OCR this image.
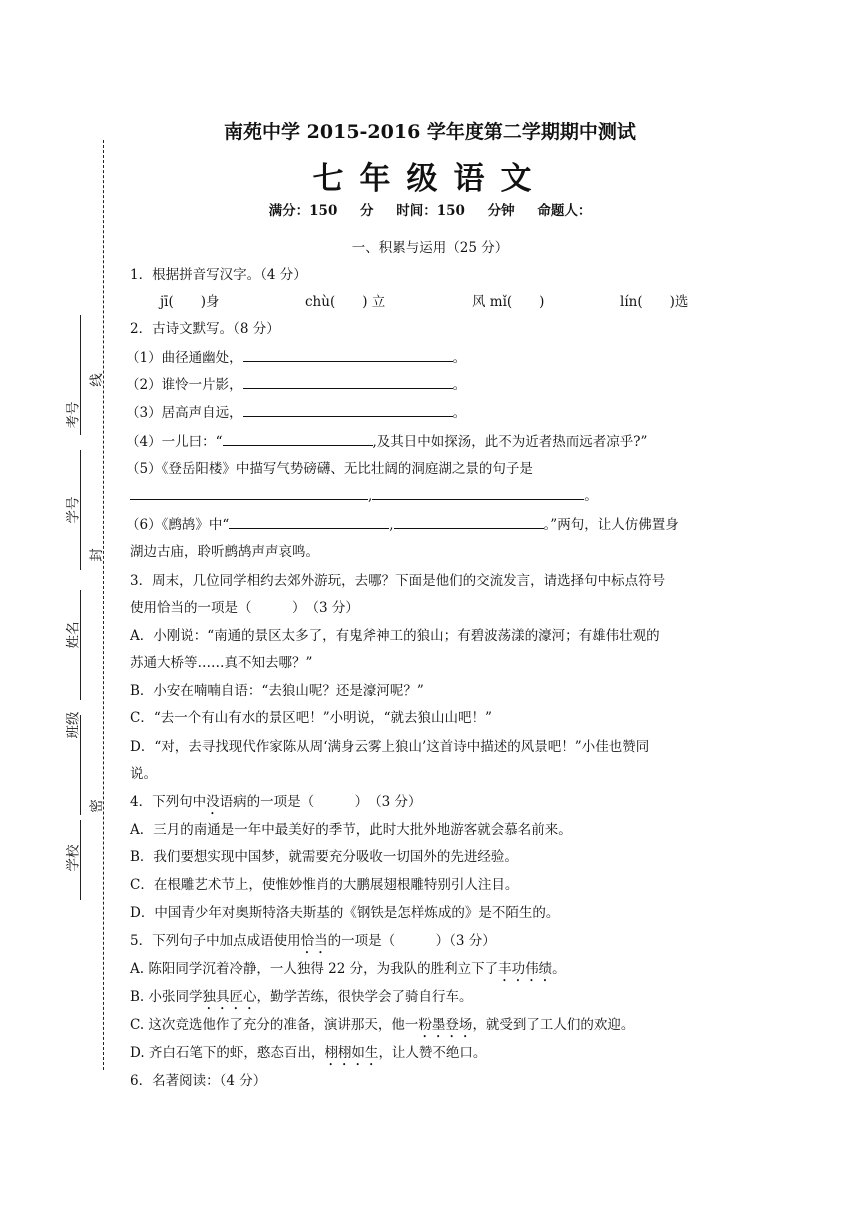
南苑中学 2015-2016 学年度第二学期期中测试
七年级语文
满分：150 分 时间：150 分钟 命题人：
考号
学号
姓名
班级
学校
线
封
密
一、积累与运用（25 分）
1．根据拼音写汉字。（4 分）
jī(　　)身	chù(　　) 立	风 mǐ(　　)	lín(　　)选
2．古诗文默写。（8 分）
（1）曲径通幽处，	。
（2）谁怜一片影，	。
（3）居高声自远，	。
（4）一儿曰：“	,及其日中如探汤，此不为近者热而远者凉乎?”
（5）《登岳阳楼》中描写气势磅礴、无比壮阔的洞庭湖之景的句子是
,	。
（6）《鹧鸪》中“	,	。”两句，让人仿佛置身
湖边古庙，聆听鹧鸪声声哀鸣。
3．周末，几位同学相约去郊外游玩，去哪？下面是他们的交流发言，请选择句中标点符号
使用恰当的一项是（　　　）　（3 分）
A．小刚说：“南通的景区太多了，有鬼斧神工的狼山；有碧波荡漾的濠河；有雄伟壮观的
苏通大桥等……真不知去哪？”
B．小安在喃喃自语：“去狼山呢？还是濠河呢？”
C．“去一个有山有水的景区吧！”小明说，“就去狼山山吧！”
D．“对，去寻找现代作家陈从周‘满身云雾上狼山’这首诗中描述的风景吧！”小佳也赞同
说。
4．下列句中没语病的一项是（　　　）　（3 分）
A．三月的南通是一年中最美好的季节，此时大批外地游客就会慕名前来。
B．我们要想实现中国梦，就需要充分吸收一切国外的先进经验。
C．在根雕艺术节上，使惟妙惟肖的大鹏展翅根雕特别引人注目。
D．中国青少年对奥斯特洛夫斯基的《钢铁是怎样炼成的》是不陌生的。
5．下列句子中加点成语使用恰当的一项是（　　　）（3 分）
A. 陈阳同学沉着冷静，一人独得 22 分，为我队的胜利立下了丰功伟绩。
B. 小张同学独具匠心，勤学苦练，很快学会了骑自行车。
C. 这次竞选他作了充分的准备，演讲那天，他一粉墨登场，就受到了工人们的欢迎。
D. 齐白石笔下的虾，憨态百出，栩栩如生，让人赞不绝口。
6．名著阅读：（4 分）
